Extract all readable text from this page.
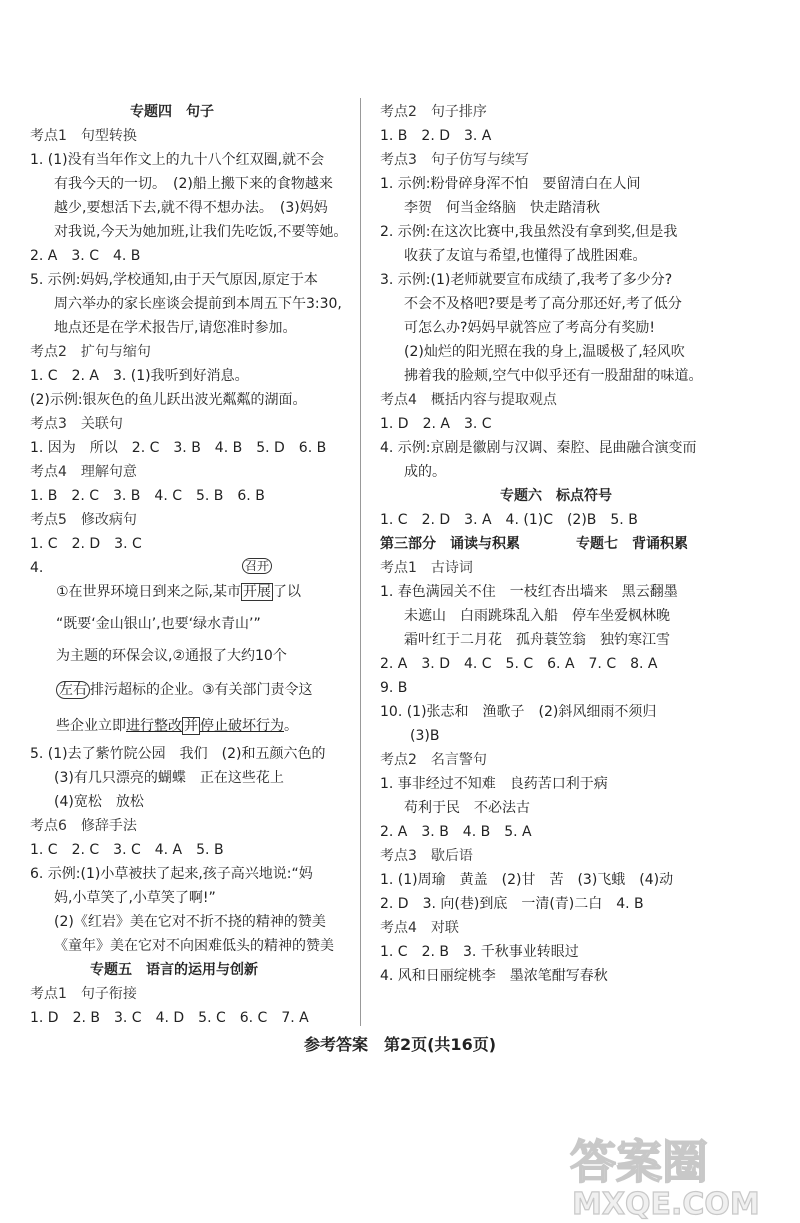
专题四　句子
考点1　句型转换
1. (1)没有当年作文上的九十八个红双圈,就不会
有我今天的一切。　(2)船上搬下来的食物越来
越少,要想活下去,就不得不想办法。　(3)妈妈
对我说,今天为她加班,让我们先吃饭,不要等她。
2. A　3. C　4. B
5. 示例:妈妈,学校通知,由于天气原因,原定于本
周六举办的家长座谈会提前到本周五下午3:30,
地点还是在学术报告厅,请您准时参加。
考点2　扩句与缩句
1. C　2. A　3. (1)我听到好消息。
(2)示例:银灰色的鱼儿跃出波光粼粼的湖面。
考点3　关联句
1. 因为　所以　2. C　3. B　4. B　5. D　6. B
考点4　理解句意
1. B　2. C　3. B　4. C　5. B　6. B
考点5　修改病句
1. C　2. D　3. C
4.	召开
①在世界环境日到来之际,某市 开展 了以
“既要‘金山银山’,也要‘绿水青山’”
为主题的环保会议,②通报了大约10个
左右 排污超标的企业。③有关部门责令这
些企业立即进行整改 并 停止破坏行为。
5. (1)去了紫竹院公园　我们　(2)和五颜六色的
(3)有几只漂亮的蝴蝶　正在这些花上
(4)宽松　放松
考点6　修辞手法
1. C　2. C　3. C　4. A　5. B
6. 示例:(1)小草被扶了起来,孩子高兴地说:“妈
妈,小草笑了,小草笑了啊!”
(2)《红岩》美在它对不折不挠的精神的赞美
《童年》美在它对不向困难低头的精神的赞美
专题五　语言的运用与创新
考点1　句子衔接
1. D　2. B　3. C　4. D　5. C　6. C　7. A
考点2　句子排序
1. B　2. D　3. A
考点3　句子仿写与续写
1. 示例:粉骨碎身浑不怕　要留清白在人间
李贺　何当金络脑　快走踏清秋
2. 示例:在这次比赛中,我虽然没有拿到奖,但是我
收获了友谊与希望,也懂得了战胜困难。
3. 示例:(1)老师就要宣布成绩了,我考了多少分?
不会不及格吧?要是考了高分那还好,考了低分
可怎么办?妈妈早就答应了考高分有奖励!
(2)灿烂的阳光照在我的身上,温暖极了,轻风吹
拂着我的脸颊,空气中似乎还有一股甜甜的味道。
考点4　概括内容与提取观点
1. D　2. A　3. C
4. 示例:京剧是徽剧与汉调、秦腔、昆曲融合演变而
成的。
专题六　标点符号
1. C　2. D　3. A　4. (1)C　(2)B　5. B
第三部分　诵读与积累	专题七　背诵积累
考点1　古诗词
1. 春色满园关不住　一枝红杏出墙来　黑云翻墨
未遮山　白雨跳珠乱入船　停车坐爱枫林晚
霜叶红于二月花　孤舟蓑笠翁　独钓寒江雪
2. A　3. D　4. C　5. C　6. A　7. C　8. A
9. B
10. (1)张志和　渔歌子　(2)斜风细雨不须归
(3)B
考点2　名言警句
1. 事非经过不知难　良药苦口利于病
苟利于民　不必法古
2. A　3. B　4. B　5. A
考点3　歇后语
1. (1)周瑜　黄盖　(2)甘　苦　(3)飞蛾　(4)动
2. D　3. 向(巷)到底　一清(青)二白　4. B
考点4　对联
1. C　2. B　3. 千秋事业转眼过
4. 风和日丽绽桃李　墨浓笔酣写春秋
参考答案　第2页(共16页)
答案圈
MXQE.COM
